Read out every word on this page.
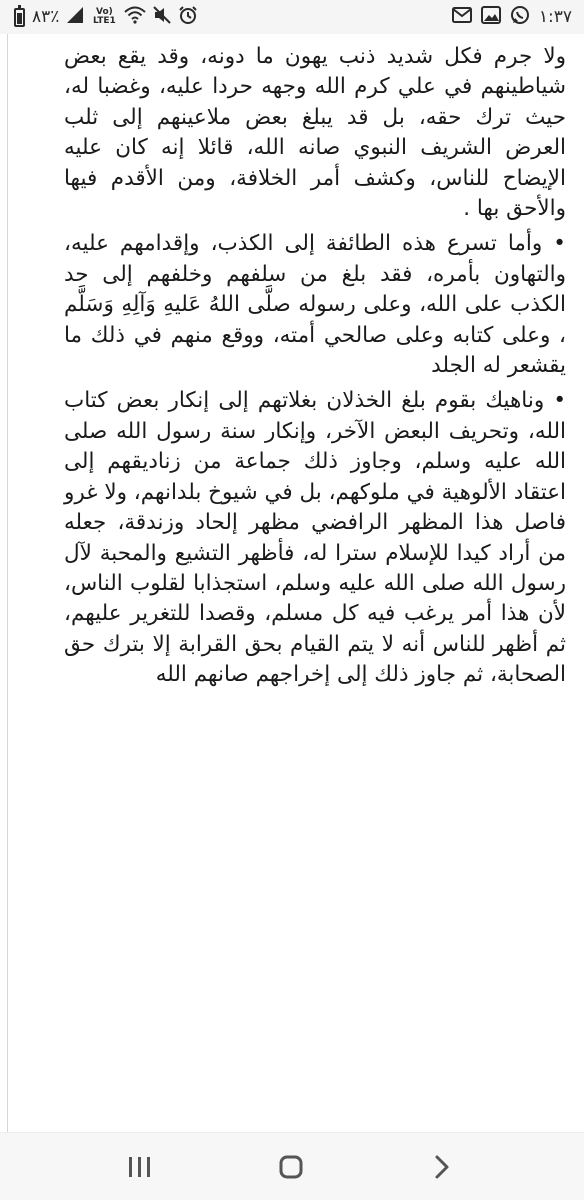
٨٣٪	Vo) LTE1	١:٣٧

ولا جرم فكل شديد ذنب يهون ما دونه، وقد يقع بعض شياطينهم في علي كرم الله وجهه حردا عليه، وغضبا له، حيث ترك حقه، بل قد يبلغ بعض ملاعينهم إلى ثلب العرض الشريف النبوي صانه الله، قائلا إنه كان عليه الإيضاح للناس، وكشف أمر الخلافة، ومن الأقدم فيها والأحق بها .

• وأما تسرع هذه الطائفة إلى الكذب، وإقدامهم عليه، والتهاون بأمره، فقد بلغ من سلفهم وخلفهم إلى حد الكذب على الله، وعلى رسوله صلَّى اللهُ عَليهِ وَآلِهِ وَسَلَّم ، وعلى كتابه وعلى صالحي أمته، ووقع منهم في ذلك ما يقشعر له الجلد

• وناهيك بقوم بلغ الخذلان بغلاتهم إلى إنكار بعض كتاب الله، وتحريف البعض الآخر، وإنكار سنة رسول الله صلى الله عليه وسلم، وجاوز ذلك جماعة من زناديقهم إلى اعتقاد الألوهية في ملوكهم، بل في شيوخ بلدانهم، ولا غرو فاصل هذا المظهر الرافضي مظهر إلحاد وزندقة، جعله من أراد كيدا للإسلام سترا له، فأظهر التشيع والمحبة لآل رسول الله صلى الله عليه وسلم، استجذابا لقلوب الناس، لأن هذا أمر يرغب فيه كل مسلم، وقصدا للتغرير عليهم، ثم أظهر للناس أنه لا يتم القيام بحق القرابة إلا بترك حق الصحابة، ثم جاوز ذلك إلى إخراجهم صانهم الله
